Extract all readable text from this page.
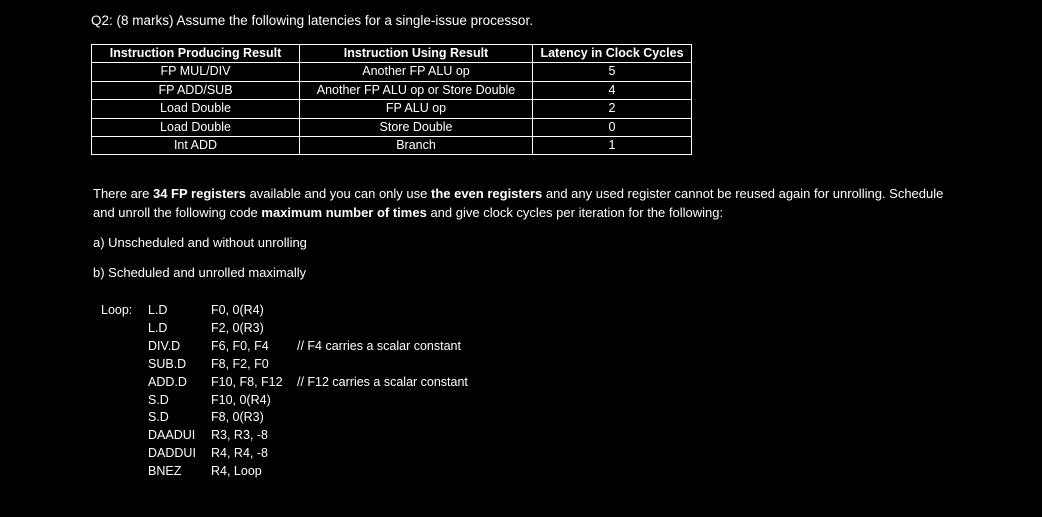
Q2: (8 marks) Assume the following latencies for a single-issue processor.
Instruction Producing Result	Instruction Using Result	Latency in Clock Cycles
FP MUL/DIV	Another FP ALU op	5
FP ADD/SUB	Another FP ALU op or Store Double	4
Load Double	FP ALU op	2
Load Double	Store Double	0
Int ADD	Branch	1
There are 34 FP registers available and you can only use the even registers and any used register cannot be reused again for unrolling. Schedule
and unroll the following code maximum number of times and give clock cycles per iteration for the following:
a) Unscheduled and without unrolling
b) Scheduled and unrolled maximally
Loop: L.D	F0, 0(R4)
L.D	F2, 0(R3)
DIV.D F6, F0, F4 // F4 carries a scalar constant
SUB.D F8, F2, F0
ADD.D F10, F8, F12 // F12 carries a scalar constant
S.D	F10, 0(R4)
S.D	F8, 0(R3)
DAADUI R3, R3, -8
DADDUI R4, R4, -8
BNEZ R4, Loop
